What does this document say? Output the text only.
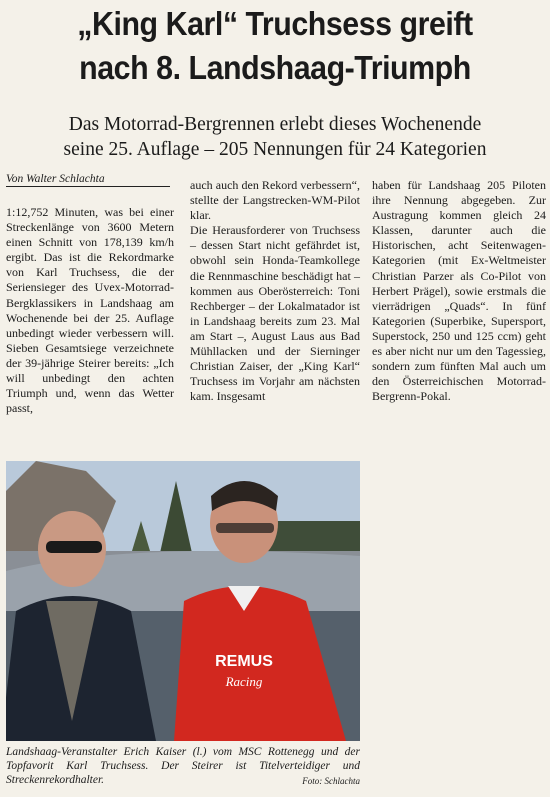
„King Karl“ Truchsess greift
nach 8. Landshaag-Triumph
Das Motorrad-Bergrennen erlebt dieses Wochenende
seine 25. Auflage – 205 Nennungen für 24 Kategorien
Von Walter Schlachta

1:12,752 Minuten, was bei einer Streckenlänge von 3600 Metern einen Schnitt von 178,139 km/h ergibt. Das ist die Rekordmarke von Karl Truchsess, die der Seriensieger des Uvex-Motorrad-Bergklassikers in Landshaag am Wochenende bei der 25. Auflage unbedingt wieder verbessern will. Sieben Gesamtsiege verzeichnete der 39-jährige Steirer bereits: „Ich will unbedingt den achten Triumph und, wenn das Wetter passt,

auch auch den Rekord verbessern“, stellte der Langstrecken-WM-Pilot klar.

Die Herausforderer von Truchsess – dessen Start nicht gefährdet ist, obwohl sein Honda-Teamkollege die Rennmaschine beschädigt hat – kommen aus Oberösterreich: Toni Rechberger – der Lokalmatador ist in Landshaag bereits zum 23. Mal am Start –, August Laus aus Bad Mühllacken und der Sierninger Christian Zaiser, der „King Karl“ Truchsess im Vorjahr am nächsten kam. Insgesamt

haben für Landshaag 205 Piloten ihre Nennung abgegeben. Zur Austragung kommen gleich 24 Klassen, darunter auch die Historischen, acht Seitenwagen-Kategorien (mit Ex-Weltmeister Christian Parzer als Co-Pilot von Herbert Prägel), sowie erstmals die vierrädrigen „Quads“. In fünf Kategorien (Superbike, Supersport, Superstock, 250 und 125 ccm) geht es aber nicht nur um den Tagessieg, sondern zum fünften Mal auch um den Österreichischen Motorrad-Bergrenn-Pokal.

REMUS
Racing
Landshaag-Veranstalter Erich Kaiser (l.) vom MSC Rottenegg und der Topfavorit Karl Truchsess. Der Steirer ist Titelverteidiger und Streckenrekordhalter.	Foto: Schlachta
